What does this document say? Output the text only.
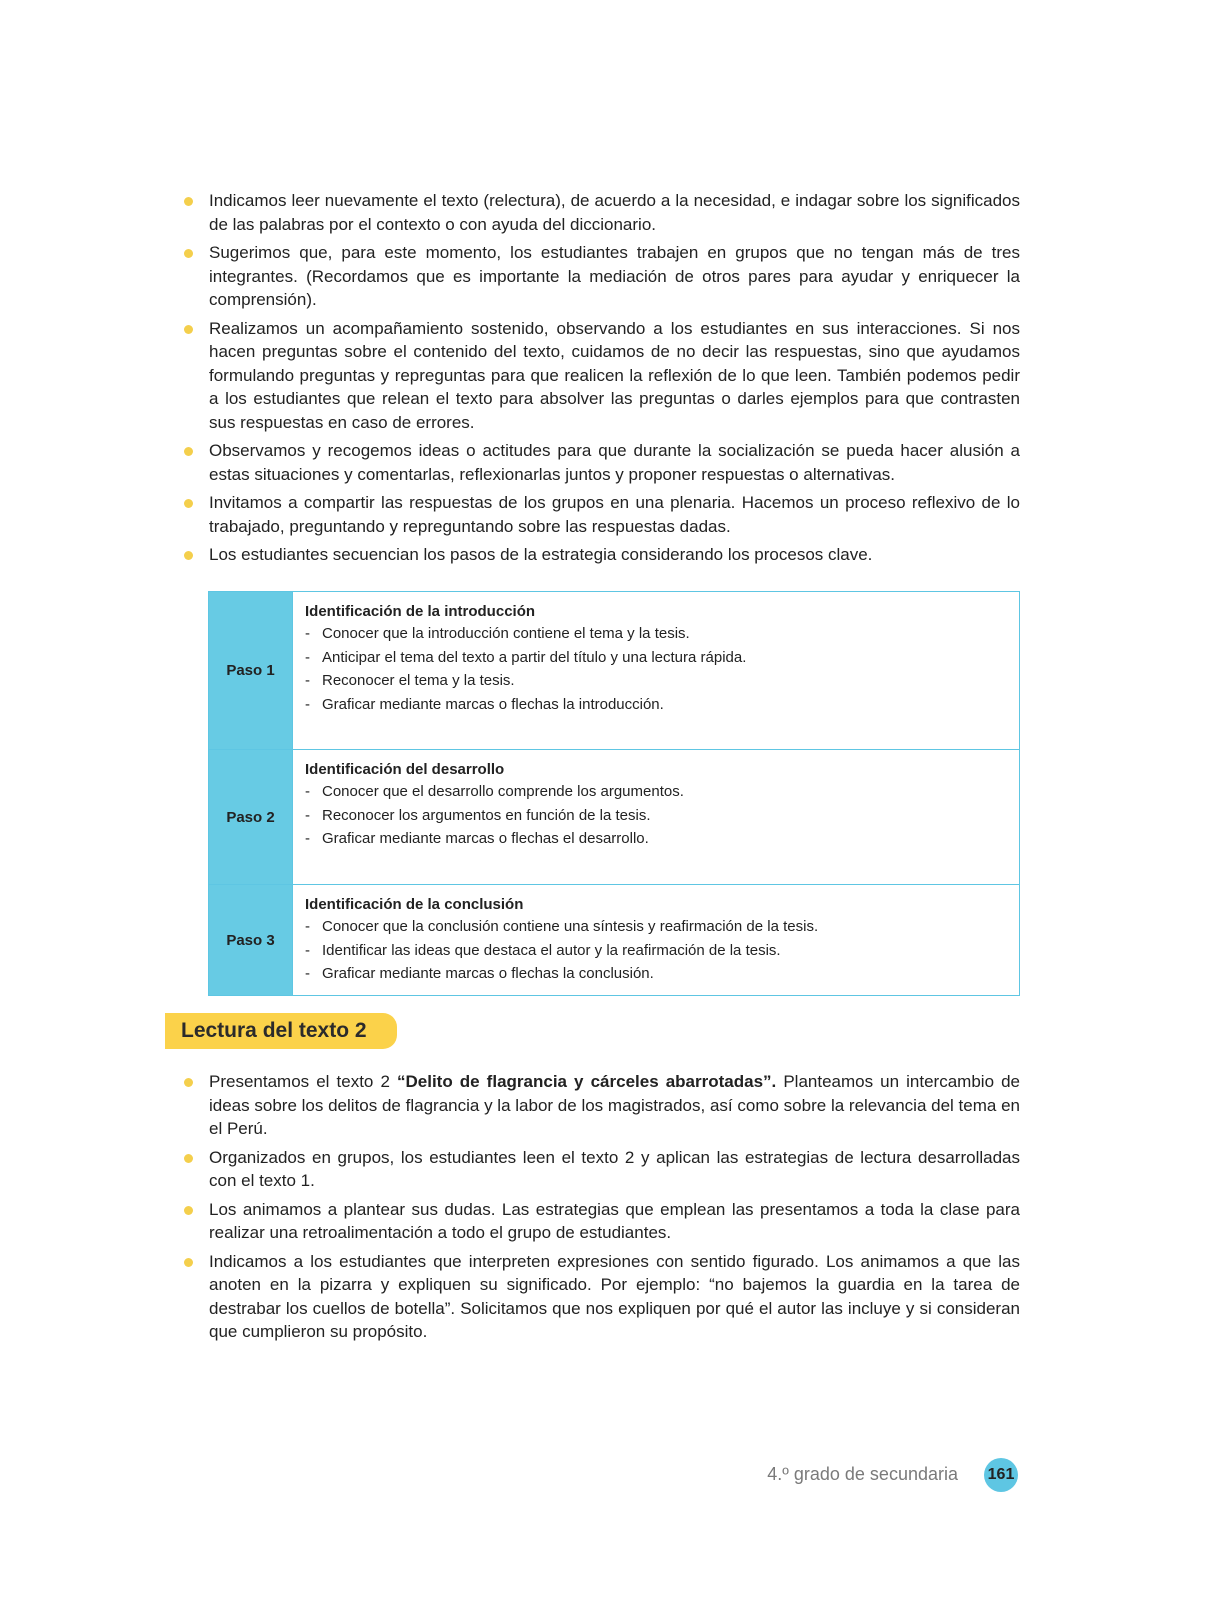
Indicamos leer nuevamente el texto (relectura), de acuerdo a la necesidad, e indagar sobre los significados de las palabras por el contexto o con ayuda del diccionario.
Sugerimos que, para este momento, los estudiantes trabajen en grupos que no tengan más de tres integrantes. (Recordamos que es importante la mediación de otros pares para ayudar y enriquecer la comprensión).
Realizamos un acompañamiento sostenido, observando a los estudiantes en sus interacciones. Si nos hacen preguntas sobre el contenido del texto, cuidamos de no decir las respuestas, sino que ayudamos formulando preguntas y repreguntas para que realicen la reflexión de lo que leen. También podemos pedir a los estudiantes que relean el texto para absolver las preguntas o darles ejemplos para que contrasten sus respuestas en caso de errores.
Observamos y recogemos ideas o actitudes para que durante la socialización se pueda hacer alusión a estas situaciones y comentarlas, reflexionarlas juntos y proponer respuestas o alternativas.
Invitamos a compartir las respuestas de los grupos en una plenaria. Hacemos un proceso reflexivo de lo trabajado, preguntando y repreguntando sobre las respuestas dadas.
Los estudiantes secuencian los pasos de la estrategia considerando los procesos clave.
Paso 1
Identificación de la introducción
- Conocer que la introducción contiene el tema y la tesis.
- Anticipar el tema del texto a partir del título y una lectura rápida.
- Reconocer el tema y la tesis.
- Graficar mediante marcas o flechas la introducción.
Paso 2
Identificación del desarrollo
- Conocer que el desarrollo comprende los argumentos.
- Reconocer los argumentos en función de la tesis.
- Graficar mediante marcas o flechas el desarrollo.
Paso 3
Identificación de la conclusión
- Conocer que la conclusión contiene una síntesis y reafirmación de la tesis.
- Identificar las ideas que destaca el autor y la reafirmación de la tesis.
- Graficar mediante marcas o flechas la conclusión.
Lectura del texto 2
Presentamos el texto 2 “Delito de flagrancia y cárceles abarrotadas”. Planteamos un intercambio de ideas sobre los delitos de flagrancia y la labor de los magistrados, así como sobre la relevancia del tema en el Perú.
Organizados en grupos, los estudiantes leen el texto 2 y aplican las estrategias de lectura desarrolladas con el texto 1.
Los animamos a plantear sus dudas. Las estrategias que emplean las presentamos a toda la clase para realizar una retroalimentación a todo el grupo de estudiantes.
Indicamos a los estudiantes que interpreten expresiones con sentido figurado. Los animamos a que las anoten en la pizarra y expliquen su significado. Por ejemplo: “no bajemos la guardia en la tarea de destrabar los cuellos de botella”. Solicitamos que nos expliquen por qué el autor las incluye y si consideran que cumplieron su propósito.
4.º grado de secundaria 161
